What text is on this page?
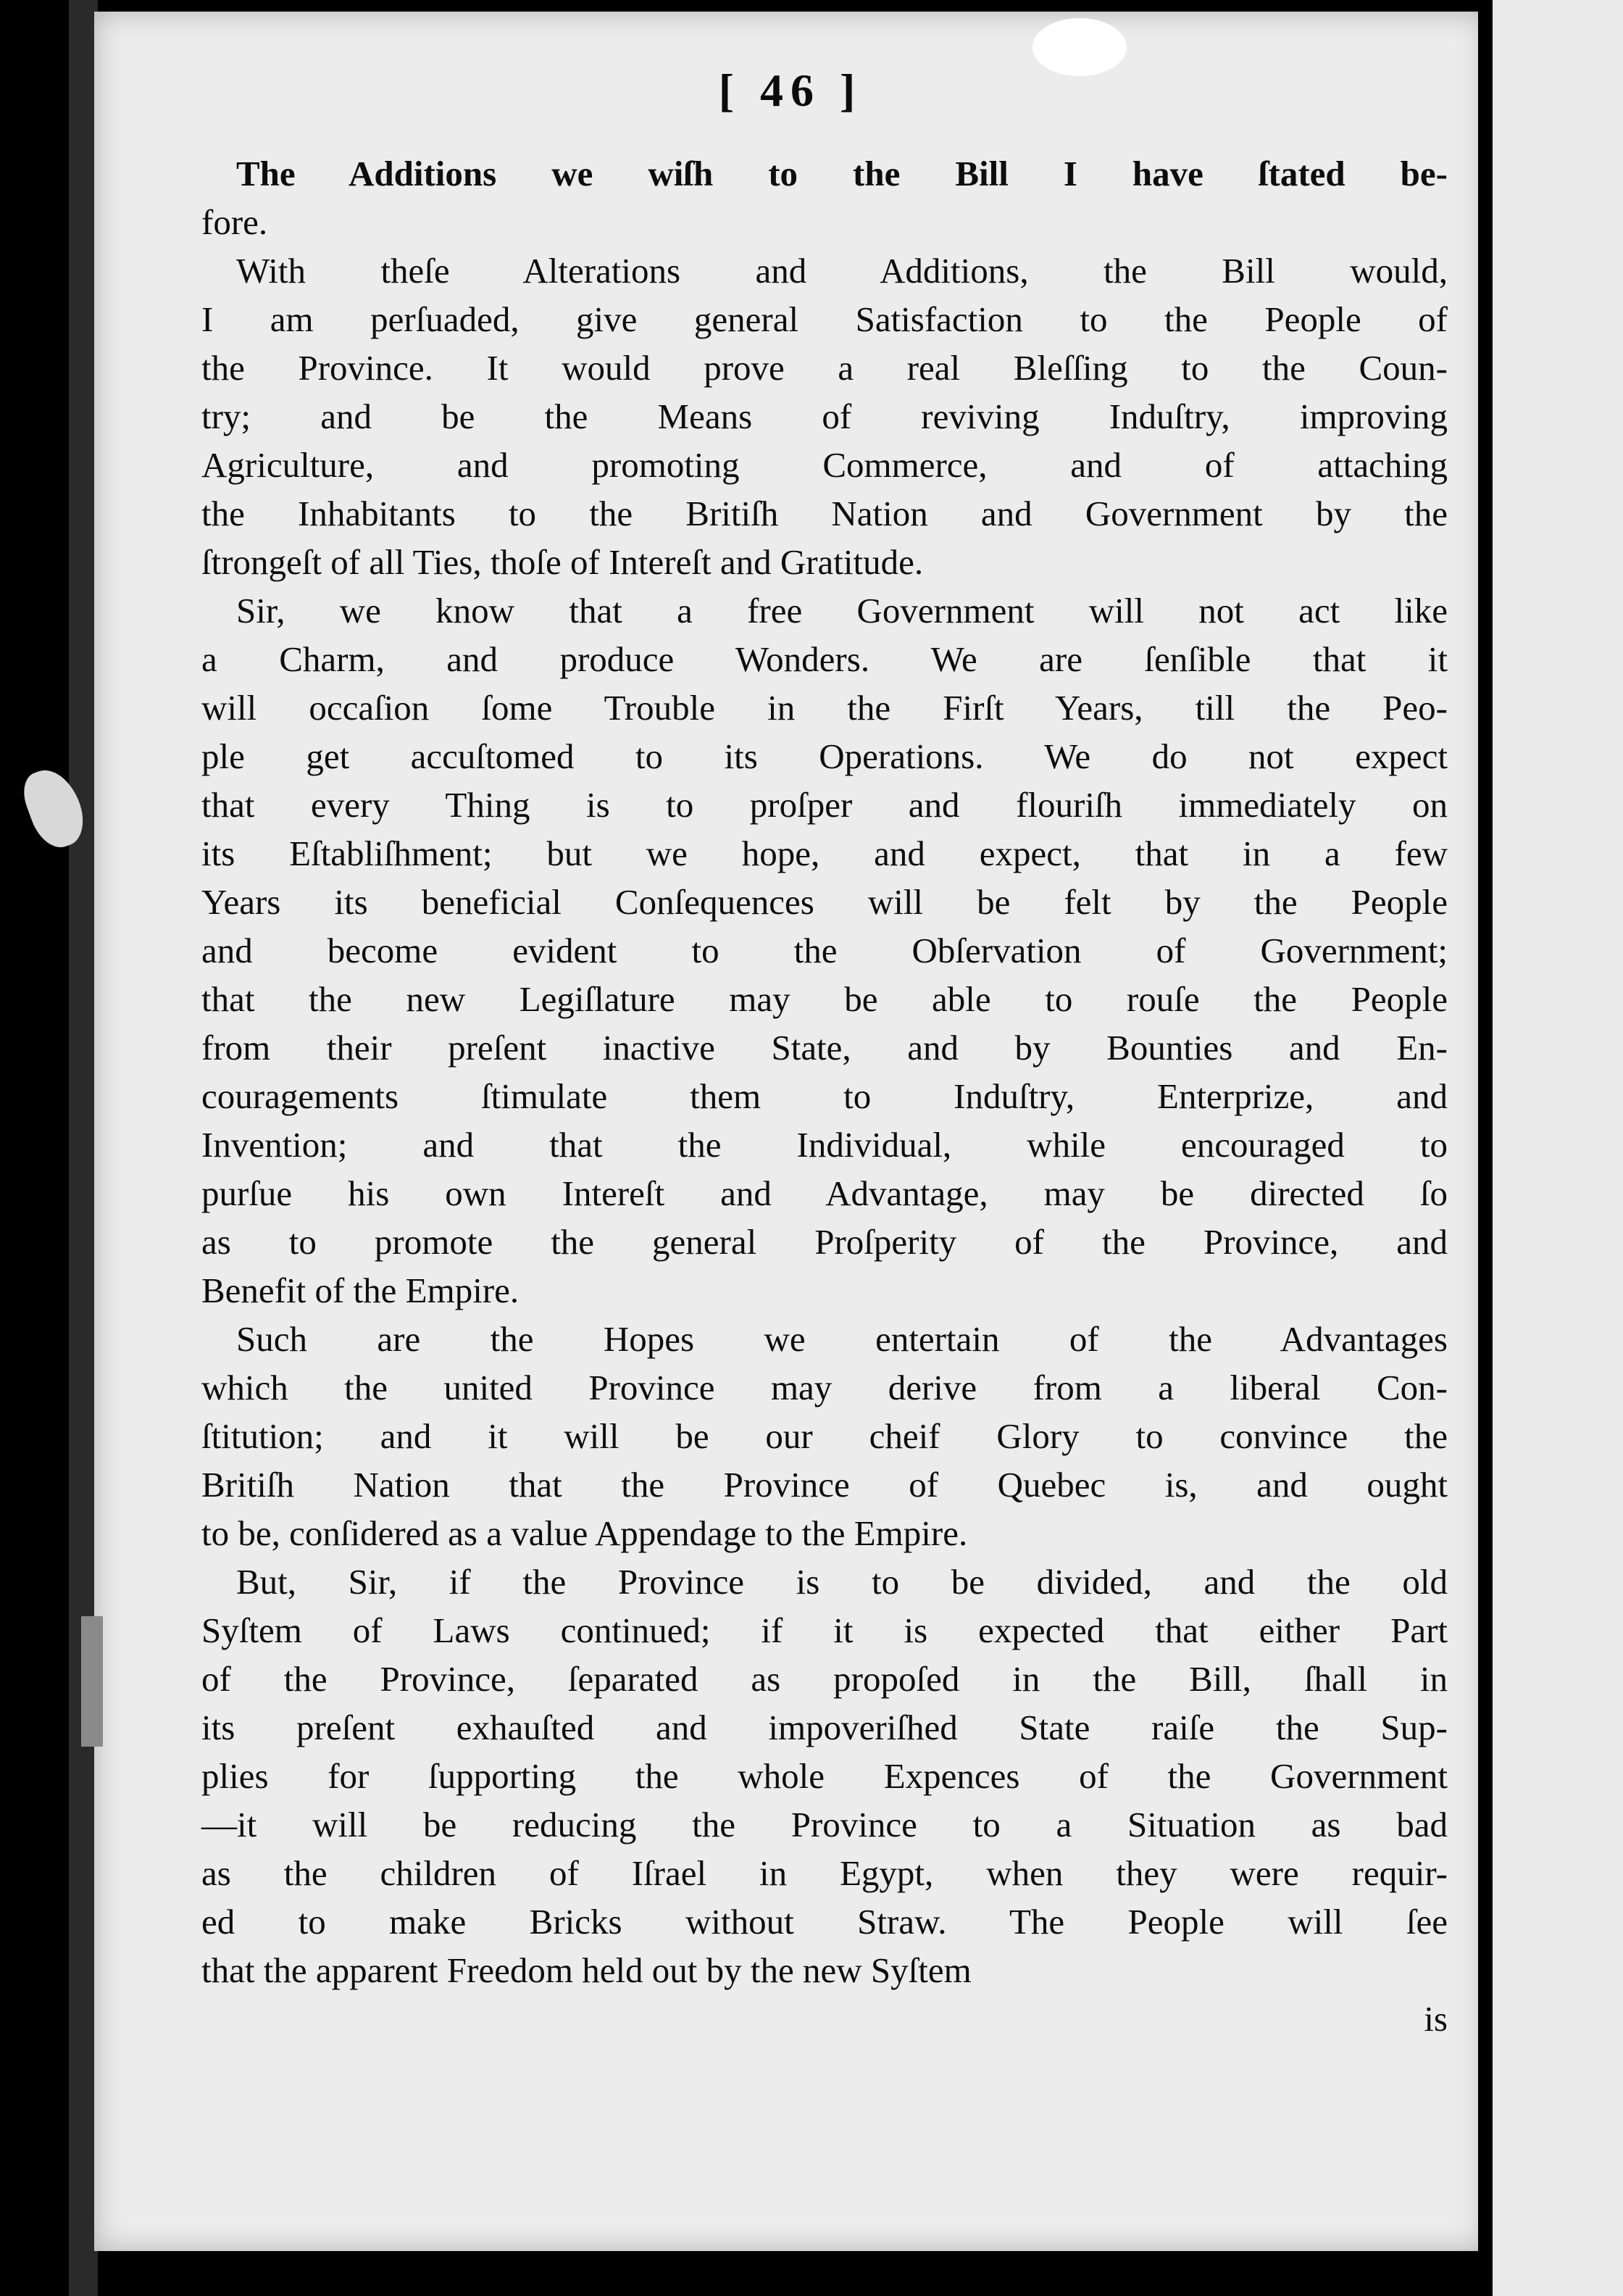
[ 46 ]
The Additions we wiſh to the Bill I have ſtated be-
fore.
With theſe Alterations and Additions, the Bill would,
I am perſuaded, give general Satisfaction to the People of
the Province. It would prove a real Bleſſing to the Coun-
try; and be the Means of reviving Induſtry, improving
Agriculture, and promoting Commerce, and of attaching
the Inhabitants to the Britiſh Nation and Government by the
ſtrongeſt of all Ties, thoſe of Intereſt and Gratitude.
Sir, we know that a free Government will not act like
a Charm, and produce Wonders. We are ſenſible that it
will occaſion ſome Trouble in the Firſt Years, till the Peo-
ple get accuſtomed to its Operations. We do not expect
that every Thing is to proſper and flouriſh immediately on
its Eſtabliſhment; but we hope, and expect, that in a few
Years its beneficial Conſequences will be felt by the People
and become evident to the Obſervation of Government;
that the new Legiſlature may be able to rouſe the People
from their preſent inactive State, and by Bounties and En-
couragements ſtimulate them to Induſtry, Enterprize, and
Invention; and that the Individual, while encouraged to
purſue his own Intereſt and Advantage, may be directed ſo
as to promote the general Proſperity of the Province, and
Benefit of the Empire.
Such are the Hopes we entertain of the Advantages
which the united Province may derive from a liberal Con-
ſtitution; and it will be our cheif Glory to convince the
Britiſh Nation that the Province of Quebec is, and ought
to be, conſidered as a value Appendage to the Empire.
But, Sir, if the Province is to be divided, and the old
Syſtem of Laws continued; if it is expected that either Part
of the Province, ſeparated as propoſed in the Bill, ſhall in
its preſent exhauſted and impoveriſhed State raiſe the Sup-
plies for ſupporting the whole Expences of the Government
—it will be reducing the Province to a Situation as bad
as the children of Iſrael in Egypt, when they were requir-
ed to make Bricks without Straw. The People will ſee
that the apparent Freedom held out by the new Syſtem
is
